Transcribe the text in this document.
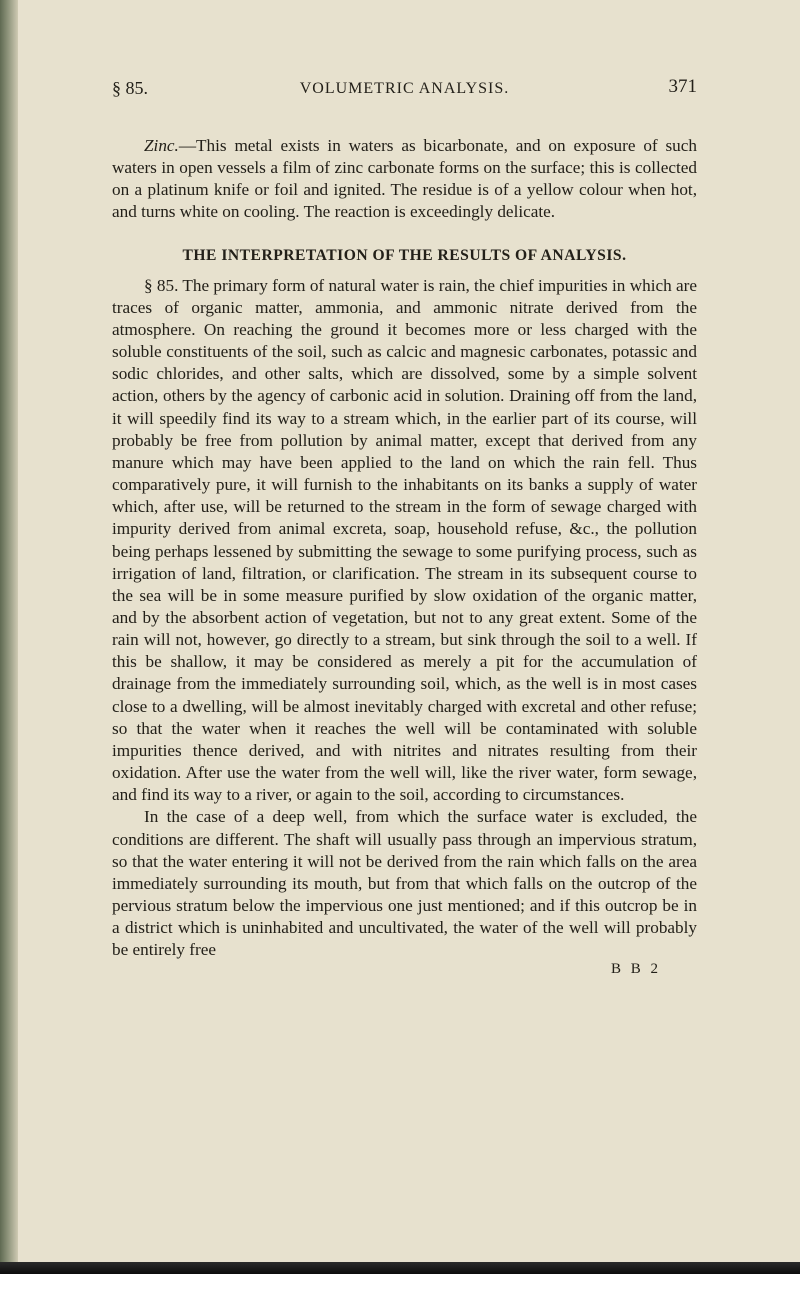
§ 85.	VOLUMETRIC ANALYSIS.	371

Zinc.—This metal exists in waters as bicarbonate, and on exposure of such waters in open vessels a film of zinc carbonate forms on the surface; this is collected on a platinum knife or foil and ignited. The residue is of a yellow colour when hot, and turns white on cooling. The reaction is exceedingly delicate.

THE INTERPRETATION OF THE RESULTS OF ANALYSIS.

§ 85. The primary form of natural water is rain, the chief impurities in which are traces of organic matter, ammonia, and ammonic nitrate derived from the atmosphere. On reaching the ground it becomes more or less charged with the soluble constituents of the soil, such as calcic and magnesic carbonates, potassic and sodic chlorides, and other salts, which are dissolved, some by a simple solvent action, others by the agency of carbonic acid in solution. Draining off from the land, it will speedily find its way to a stream which, in the earlier part of its course, will probably be free from pollution by animal matter, except that derived from any manure which may have been applied to the land on which the rain fell. Thus comparatively pure, it will furnish to the inhabitants on its banks a supply of water which, after use, will be returned to the stream in the form of sewage charged with impurity derived from animal excreta, soap, household refuse, &c., the pollution being perhaps lessened by submitting the sewage to some purifying process, such as irrigation of land, filtration, or clarification. The stream in its subsequent course to the sea will be in some measure purified by slow oxidation of the organic matter, and by the absorbent action of vegetation, but not to any great extent. Some of the rain will not, however, go directly to a stream, but sink through the soil to a well. If this be shallow, it may be considered as merely a pit for the accumulation of drainage from the immediately surrounding soil, which, as the well is in most cases close to a dwelling, will be almost inevitably charged with excretal and other refuse; so that the water when it reaches the well will be contaminated with soluble impurities thence derived, and with nitrites and nitrates resulting from their oxidation. After use the water from the well will, like the river water, form sewage, and find its way to a river, or again to the soil, according to circumstances.

In the case of a deep well, from which the surface water is excluded, the conditions are different. The shaft will usually pass through an impervious stratum, so that the water entering it will not be derived from the rain which falls on the area immediately surrounding its mouth, but from that which falls on the outcrop of the pervious stratum below the impervious one just mentioned; and if this outcrop be in a district which is uninhabited and uncultivated, the water of the well will probably be entirely free

B B 2
